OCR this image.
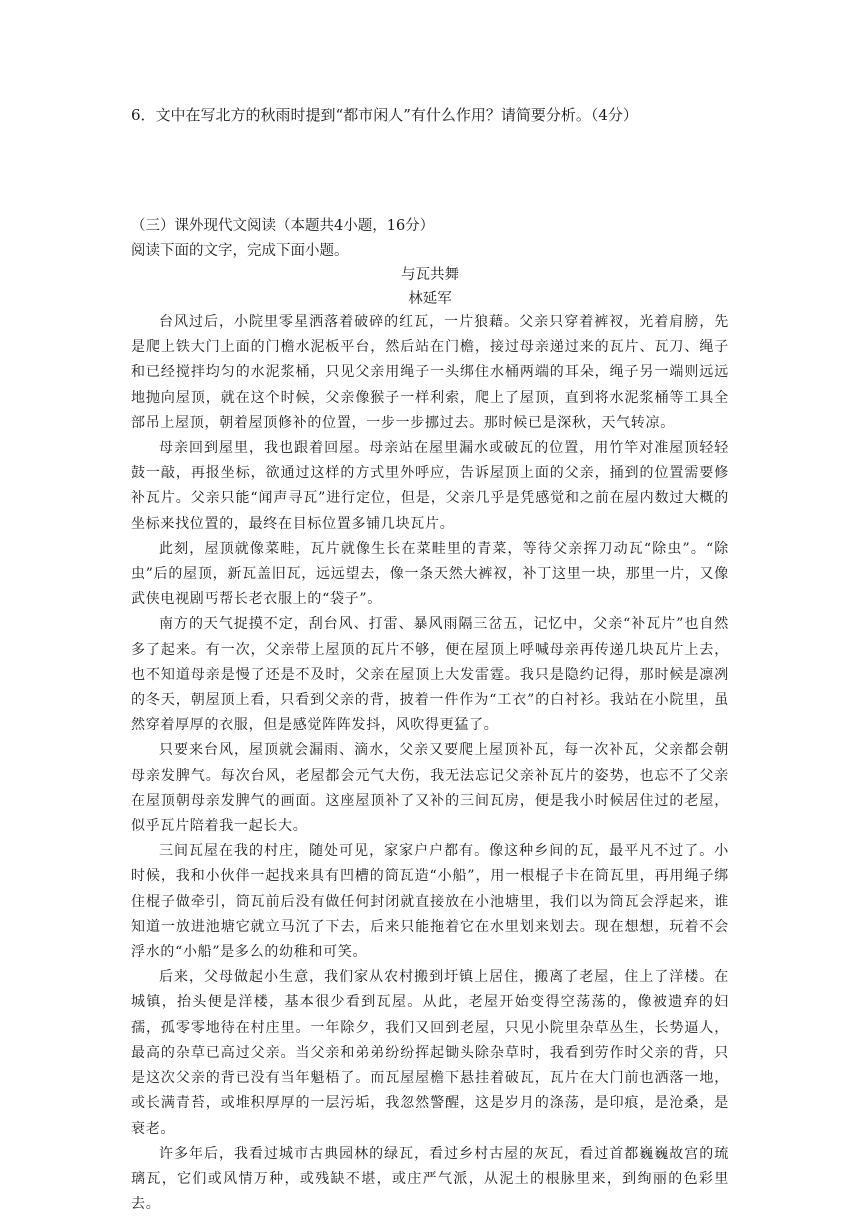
6．文中在写北方的秋雨时提到“都市闲人”有什么作用？请简要分析。（4分）
（三）课外现代文阅读（本题共4小题，16分）
阅读下面的文字，完成下面小题。
与瓦共舞
林延军

台风过后，小院里零星洒落着破碎的红瓦，一片狼藉。父亲只穿着裤衩，光着肩膀，先是爬上铁大门上面的门檐水泥板平台，然后站在门檐，接过母亲递过来的瓦片、瓦刀、绳子和已经搅拌均匀的水泥浆桶，只见父亲用绳子一头绑住水桶两端的耳朵，绳子另一端则远远地抛向屋顶，就在这个时候，父亲像猴子一样利索，爬上了屋顶，直到将水泥浆桶等工具全部吊上屋顶，朝着屋顶修补的位置，一步一步挪过去。那时候已是深秋，天气转凉。

母亲回到屋里，我也跟着回屋。母亲站在屋里漏水或破瓦的位置，用竹竿对准屋顶轻轻鼓一敲，再报坐标，欲通过这样的方式里外呼应，告诉屋顶上面的父亲，捅到的位置需要修补瓦片。父亲只能“闻声寻瓦”进行定位，但是，父亲几乎是凭感觉和之前在屋内数过大概的坐标来找位置的，最终在目标位置多铺几块瓦片。

此刻，屋顶就像菜畦，瓦片就像生长在菜畦里的青菜，等待父亲挥刀动瓦“除虫”。“除虫”后的屋顶，新瓦盖旧瓦，远远望去，像一条天然大裤衩，补丁这里一块，那里一片，又像武侠电视剧丐帮长老衣服上的“袋子”。

南方的天气捉摸不定，刮台风、打雷、暴风雨隔三岔五，记忆中，父亲“补瓦片”也自然多了起来。有一次，父亲带上屋顶的瓦片不够，便在屋顶上呼喊母亲再传递几块瓦片上去，也不知道母亲是慢了还是不及时，父亲在屋顶上大发雷霆。我只是隐约记得，那时候是凛冽的冬天，朝屋顶上看，只看到父亲的背，披着一件作为“工衣”的白衬衫。我站在小院里，虽然穿着厚厚的衣服，但是感觉阵阵发抖，风吹得更猛了。

只要来台风，屋顶就会漏雨、滴水，父亲又要爬上屋顶补瓦，每一次补瓦，父亲都会朝母亲发脾气。每次台风，老屋都会元气大伤，我无法忘记父亲补瓦片的姿势，也忘不了父亲在屋顶朝母亲发脾气的画面。这座屋顶补了又补的三间瓦房，便是我小时候居住过的老屋，似乎瓦片陪着我一起长大。

三间瓦屋在我的村庄，随处可见，家家户户都有。像这种乡间的瓦，最平凡不过了。小时候，我和小伙伴一起找来具有凹槽的筒瓦造“小船”，用一根棍子卡在筒瓦里，再用绳子绑住棍子做牵引，筒瓦前后没有做任何封闭就直接放在小池塘里，我们以为筒瓦会浮起来，谁知道一放进池塘它就立马沉了下去，后来只能拖着它在水里划来划去。现在想想，玩着不会浮水的“小船”是多么的幼稚和可笑。

后来，父母做起小生意，我们家从农村搬到圩镇上居住，搬离了老屋，住上了洋楼。在城镇，抬头便是洋楼，基本很少看到瓦屋。从此，老屋开始变得空荡荡的，像被遗弃的妇孺，孤零零地待在村庄里。一年除夕，我们又回到老屋，只见小院里杂草丛生，长势逼人，最高的杂草已高过父亲。当父亲和弟弟纷纷挥起锄头除杂草时，我看到劳作时父亲的背，只是这次父亲的背已没有当年魁梧了。而瓦屋屋檐下悬挂着破瓦，瓦片在大门前也洒落一地，或长满青苔，或堆积厚厚的一层污垢，我忽然警醒，这是岁月的涤荡，是印痕，是沧桑，是衰老。

许多年后，我看过城市古典园林的绿瓦，看过乡村古屋的灰瓦，看过首都巍巍故宫的琉璃瓦，它们或风情万种，或残缺不堪，或庄严气派，从泥土的根脉里来，到绚丽的色彩里去。
